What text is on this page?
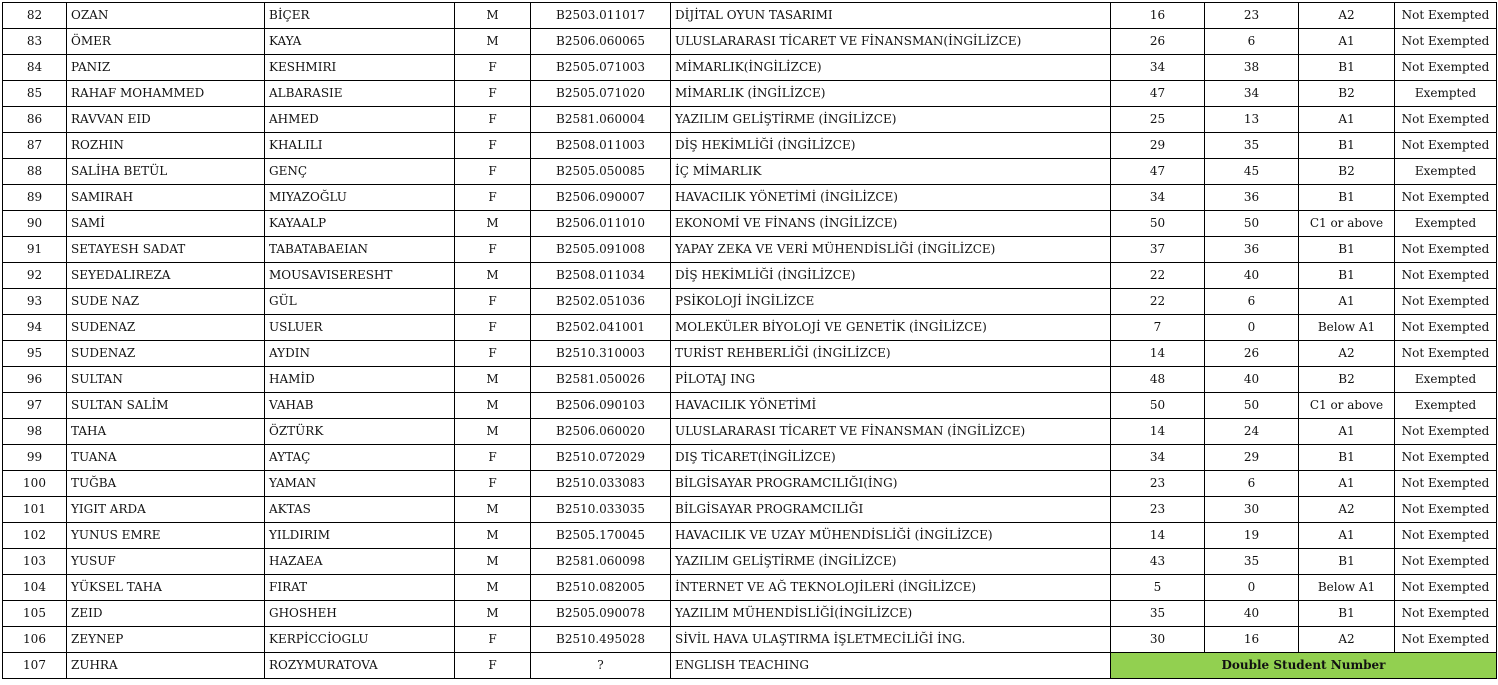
82	OZAN	BİÇER	M	B2503.011017	DİJİTAL OYUN TASARIMI	16	23	A2	Not Exempted
83	ÖMER	KAYA	M	B2506.060065	ULUSLARARASI TİCARET VE FİNANSMAN(İNGİLİZCE)	26	6	A1	Not Exempted
84	PANIZ	KESHMIRI	F	B2505.071003	MİMARLIK(İNGİLİZCE)	34	38	B1	Not Exempted
85	RAHAF MOHAMMED	ALBARASIE	F	B2505.071020	MİMARLIK (İNGİLİZCE)	47	34	B2	Exempted
86	RAVVAN EID	AHMED	F	B2581.060004	YAZILIM GELİŞTİRME (İNGİLİZCE)	25	13	A1	Not Exempted
87	ROZHIN	KHALILI	F	B2508.011003	DİŞ HEKİMLİĞİ (İNGİLİZCE)	29	35	B1	Not Exempted
88	SALİHA BETÜL	GENÇ	F	B2505.050085	İÇ MİMARLIK	47	45	B2	Exempted
89	SAMIRAH	MIYAZOĞLU	F	B2506.090007	HAVACILIK YÖNETİMİ (İNGİLİZCE)	34	36	B1	Not Exempted
90	SAMİ	KAYAALP	M	B2506.011010	EKONOMİ VE FİNANS (İNGİLİZCE)	50	50	C1 or above	Exempted
91	SETAYESH SADAT	TABATABAEIAN	F	B2505.091008	YAPAY ZEKA VE VERİ MÜHENDİSLİĞİ (İNGİLİZCE)	37	36	B1	Not Exempted
92	SEYEDALIREZA	MOUSAVISERESHT	M	B2508.011034	DİŞ HEKİMLİĞİ (İNGİLİZCE)	22	40	B1	Not Exempted
93	SUDE NAZ	GÜL	F	B2502.051036	PSİKOLOJİ İNGİLİZCE	22	6	A1	Not Exempted
94	SUDENAZ	USLUER	F	B2502.041001	MOLEKÜLER BİYOLOJİ VE GENETİK (İNGİLİZCE)	7	0	Below A1	Not Exempted
95	SUDENAZ	AYDIN	F	B2510.310003	TURİST REHBERLİĞİ (İNGİLİZCE)	14	26	A2	Not Exempted
96	SULTAN	HAMİD	M	B2581.050026	PİLOTAJ ING	48	40	B2	Exempted
97	SULTAN SALİM	VAHAB	M	B2506.090103	HAVACILIK YÖNETİMİ	50	50	C1 or above	Exempted
98	TAHA	ÖZTÜRK	M	B2506.060020	ULUSLARARASI TİCARET VE FİNANSMAN (İNGİLİZCE)	14	24	A1	Not Exempted
99	TUANA	AYTAÇ	F	B2510.072029	DIŞ TİCARET(İNGİLİZCE)	34	29	B1	Not Exempted
100	TUĞBA	YAMAN	F	B2510.033083	BİLGİSAYAR PROGRAMCILIĞI(İNG)	23	6	A1	Not Exempted
101	YIGIT ARDA	AKTAS	M	B2510.033035	BİLGİSAYAR PROGRAMCILIĞI	23	30	A2	Not Exempted
102	YUNUS EMRE	YILDIRIM	M	B2505.170045	HAVACILIK VE UZAY MÜHENDİSLİĞİ (İNGİLİZCE)	14	19	A1	Not Exempted
103	YUSUF	HAZAEA	M	B2581.060098	YAZILIM GELİŞTİRME (İNGİLİZCE)	43	35	B1	Not Exempted
104	YÜKSEL TAHA	FIRAT	M	B2510.082005	İNTERNET VE AĞ TEKNOLOJİLERİ (İNGİLİZCE)	5	0	Below A1	Not Exempted
105	ZEID	GHOSHEH	M	B2505.090078	YAZILIM MÜHENDİSLİĞİ(İNGİLİZCE)	35	40	B1	Not Exempted
106	ZEYNEP	KERPİCCİOGLU	F	B2510.495028	SİVİL HAVA ULAŞTIRMA İŞLETMECİLİĞİ İNG.	30	16	A2	Not Exempted
107	ZUHRA	ROZYMURATOVA	F	?	ENGLISH TEACHING	Double Student Number			
